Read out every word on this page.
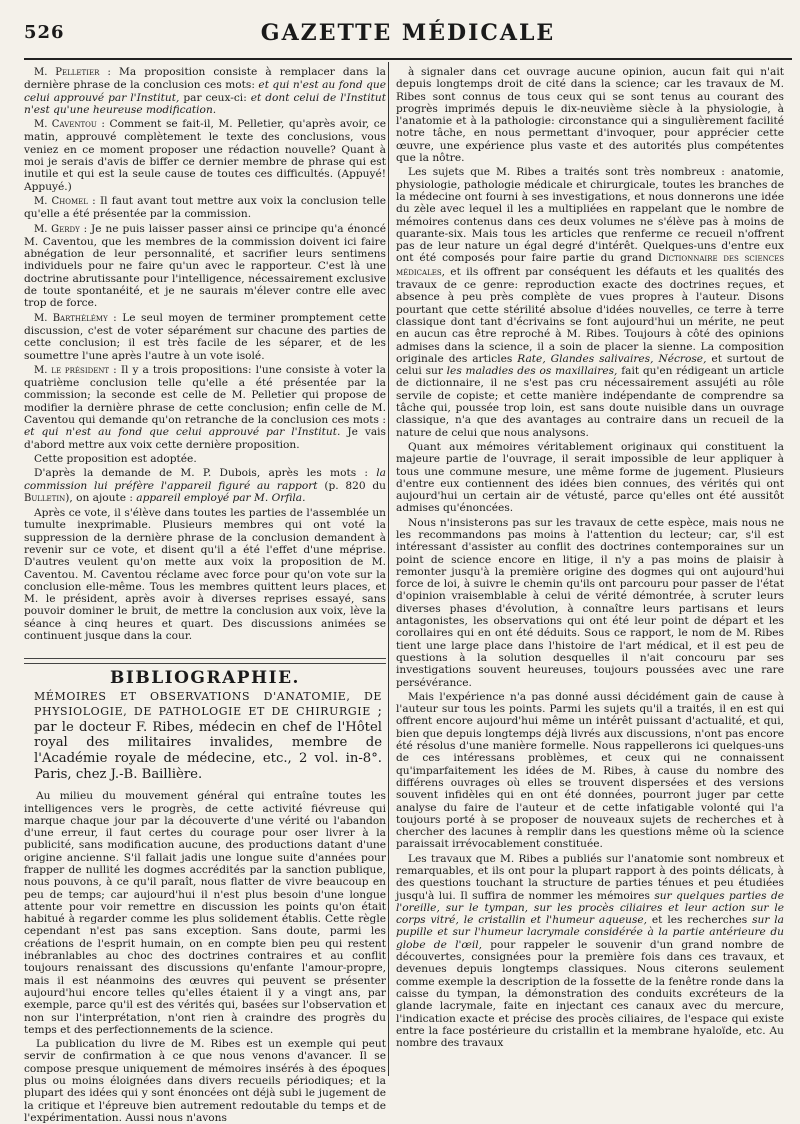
526	GAZETTE MÉDICALE

M. Pelletier : Ma proposition consiste à remplacer dans la dernière phrase de la conclusion ces mots: et qui n'est au fond que celui approuvé par l'Institut, par ceux-ci: et dont celui de l'Institut n'est qu'une heureuse modification.

M. Caventou : Comment se fait-il, M. Pelletier, qu'après avoir, ce matin, approuvé complètement le texte des conclusions, vous veniez en ce moment proposer une rédaction nouvelle? Quant à moi je serais d'avis de biffer ce dernier membre de phrase qui est inutile et qui est la seule cause de toutes ces difficultés. (Appuyé! Appuyé.)

M. Chomel : Il faut avant tout mettre aux voix la conclusion telle qu'elle a été présentée par la commission.

M. Gerdy : Je ne puis laisser passer ainsi ce principe qu'a énoncé M. Caventou, que les membres de la commission doivent ici faire abnégation de leur personnalité, et sacrifier leurs sentimens individuels pour ne faire qu'un avec le rapporteur. C'est là une doctrine abrutissante pour l'intelligence, nécessairement exclusive de toute spontanéité, et je ne saurais m'élever contre elle avec trop de force.

M. Barthélémy : Le seul moyen de terminer promptement cette discussion, c'est de voter séparément sur chacune des parties de cette conclusion; il est très facile de les séparer, et de les soumettre l'une après l'autre à un vote isolé.

M. le président : Il y a trois propositions: l'une consiste à voter la quatrième conclusion telle qu'elle a été présentée par la commission; la seconde est celle de M. Pelletier qui propose de modifier la dernière phrase de cette conclusion; enfin celle de M. Caventou qui demande qu'on retranche de la conclusion ces mots : et qui n'est au fond que celui approuvé par l'Institut. Je vais d'abord mettre aux voix cette dernière proposition.

Cette proposition est adoptée.

D'après la demande de M. P. Dubois, après les mots : la commission lui préfère l'appareil figuré au rapport (p. 820 du Bulletin), on ajoute : appareil employé par M. Orfila.

Après ce vote, il s'élève dans toutes les parties de l'assemblée un tumulte inexprimable. Plusieurs membres qui ont voté la suppression de la dernière phrase de la conclusion demandent à revenir sur ce vote, et disent qu'il a été l'effet d'une méprise. D'autres veulent qu'on mette aux voix la proposition de M. Caventou. M. Caventou réclame avec force pour qu'on vote sur la conclusion elle-même. Tous les membres quittent leurs places, et M. le président, après avoir à diverses reprises essayé, sans pouvoir dominer le bruit, de mettre la conclusion aux voix, lève la séance à cinq heures et quart. Des discussions animées se continuent jusque dans la cour.

BIBLIOGRAPHIE.
MÉMOIRES ET OBSERVATIONS D'ANATOMIE, DE PHYSIOLOGIE, DE PATHOLOGIE ET DE CHIRURGIE ; par le docteur F. Ribes, médecin en chef de l'Hôtel royal des militaires invalides, membre de l'Académie royale de médecine, etc., 2 vol. in-8°. Paris, chez J.-B. Baillière.

Au milieu du mouvement général qui entraîne toutes les intelligences vers le progrès, de cette activité fiévreuse qui marque chaque jour par la découverte d'une vérité ou l'abandon d'une erreur, il faut certes du courage pour oser livrer à la publicité, sans modification aucune, des productions datant d'une origine ancienne. S'il fallait jadis une longue suite d'années pour frapper de nullité les dogmes accrédités par la sanction publique, nous pouvons, à ce qu'il paraît, nous flatter de vivre beaucoup en peu de temps; car aujourd'hui il n'est plus besoin d'une longue attente pour voir remettre en discussion les points qu'on était habitué à regarder comme les plus solidement établis. Cette règle cependant n'est pas sans exception. Sans doute, parmi les créations de l'esprit humain, on en compte bien peu qui restent inébranlables au choc des doctrines contraires et au conflit toujours renaissant des discussions qu'enfante l'amour-propre, mais il est néanmoins des œuvres qui peuvent se présenter aujourd'hui encore telles qu'elles étaient il y a vingt ans, par exemple, parce qu'il est des vérités qui, basées sur l'observation et non sur l'interprétation, n'ont rien à craindre des progrès du temps et des perfectionnements de la science.

La publication du livre de M. Ribes est un exemple qui peut servir de confirmation à ce que nous venons d'avancer. Il se compose presque uniquement de mémoires insérés à des époques plus ou moins éloignées dans divers recueils périodiques; et la plupart des idées qui y sont énoncées ont déjà subi le jugement de la critique et l'épreuve bien autrement redoutable du temps et de l'expérimentation. Aussi nous n'avons

à signaler dans cet ouvrage aucune opinion, aucun fait qui n'ait depuis longtemps droit de cité dans la science; car les travaux de M. Ribes sont connus de tous ceux qui se sont tenus au courant des progrès imprimés depuis le dix-neuvième siècle à la physiologie, à l'anatomie et à la pathologie: circonstance qui a singulièrement facilité notre tâche, en nous permettant d'invoquer, pour apprécier cette œuvre, une expérience plus vaste et des autorités plus compétentes que la nôtre.

Les sujets que M. Ribes a traités sont très nombreux : anatomie, physiologie, pathologie médicale et chirurgicale, toutes les branches de la médecine ont fourni à ses investigations, et nous donnerons une idée du zèle avec lequel il les a multipliées en rappelant que le nombre de mémoires contenus dans ces deux volumes ne s'élève pas à moins de quarante-six. Mais tous les articles que renferme ce recueil n'offrent pas de leur nature un égal degré d'intérêt. Quelques-uns d'entre eux ont été composés pour faire partie du grand Dictionnaire des sciences médicales, et ils offrent par conséquent les défauts et les qualités des travaux de ce genre: reproduction exacte des doctrines reçues, et absence à peu près complète de vues propres à l'auteur. Disons pourtant que cette stérilité absolue d'idées nouvelles, ce terre à terre classique dont tant d'écrivains se font aujourd'hui un mérite, ne peut en aucun cas être reproché à M. Ribes. Toujours à côté des opinions admises dans la science, il a soin de placer la sienne. La composition originale des articles Rate, Glandes salivaires, Nécrose, et surtout de celui sur les maladies des os maxillaires, fait qu'en rédigeant un article de dictionnaire, il ne s'est pas cru nécessairement assujéti au rôle servile de copiste; et cette manière indépendante de comprendre sa tâche qui, poussée trop loin, est sans doute nuisible dans un ouvrage classique, n'a que des avantages au contraire dans un recueil de la nature de celui que nous analysons.

Quant aux mémoires véritablement originaux qui constituent la majeure partie de l'ouvrage, il serait impossible de leur appliquer à tous une commune mesure, une même forme de jugement. Plusieurs d'entre eux contiennent des idées bien connues, des vérités qui ont aujourd'hui un certain air de vétusté, parce qu'elles ont été aussitôt admises qu'énoncées.

Nous n'insisterons pas sur les travaux de cette espèce, mais nous ne les recommandons pas moins à l'attention du lecteur; car, s'il est intéressant d'assister au conflit des doctrines contemporaines sur un point de science encore en litige, il n'y a pas moins de plaisir à remonter jusqu'à la première origine des dogmes qui ont aujourd'hui force de loi, à suivre le chemin qu'ils ont parcouru pour passer de l'état d'opinion vraisemblable à celui de vérité démontrée, à scruter leurs diverses phases d'évolution, à connaître leurs partisans et leurs antagonistes, les observations qui ont été leur point de départ et les corollaires qui en ont été déduits. Sous ce rapport, le nom de M. Ribes tient une large place dans l'histoire de l'art médical, et il est peu de questions à la solution desquelles il n'ait concouru par ses investigations souvent heureuses, toujours poussées avec une rare persévérance.

Mais l'expérience n'a pas donné aussi décidément gain de cause à l'auteur sur tous les points. Parmi les sujets qu'il a traités, il en est qui offrent encore aujourd'hui même un intérêt puissant d'actualité, et qui, bien que depuis longtemps déjà livrés aux discussions, n'ont pas encore été résolus d'une manière formelle. Nous rappellerons ici quelques-uns de ces intéressans problèmes, et ceux qui ne connaissent qu'imparfaitement les idées de M. Ribes, à cause du nombre des différens ouvrages où elles se trouvent dispersées et des versions souvent infidèles qui en ont été données, pourront juger par cette analyse du faire de l'auteur et de cette infatigable volonté qui l'a toujours porté à se proposer de nouveaux sujets de recherches et à chercher des lacunes à remplir dans les questions même où la science paraissait irrévocablement constituée.

Les travaux que M. Ribes a publiés sur l'anatomie sont nombreux et remarquables, et ils ont pour la plupart rapport à des points délicats, à des questions touchant la structure de parties ténues et peu étudiées jusqu'à lui. Il suffira de nommer les mémoires sur quelques parties de l'oreille, sur le tympan, sur les procès ciliaires et leur action sur le corps vitré, le cristallin et l'humeur aqueuse, et les recherches sur la pupille et sur l'humeur lacrymale considérée à la partie antérieure du globe de l'œil, pour rappeler le souvenir d'un grand nombre de découvertes, consignées pour la première fois dans ces travaux, et devenues depuis longtemps classiques. Nous citerons seulement comme exemple la description de la fossette de la fenêtre ronde dans la caisse du tympan, la démonstration des conduits excréteurs de la glande lacrymale, faite en injectant ces canaux avec du mercure, l'indication exacte et précise des procès ciliaires, de l'espace qui existe entre la face postérieure du cristallin et la membrane hyaloïde, etc. Au nombre des travaux
